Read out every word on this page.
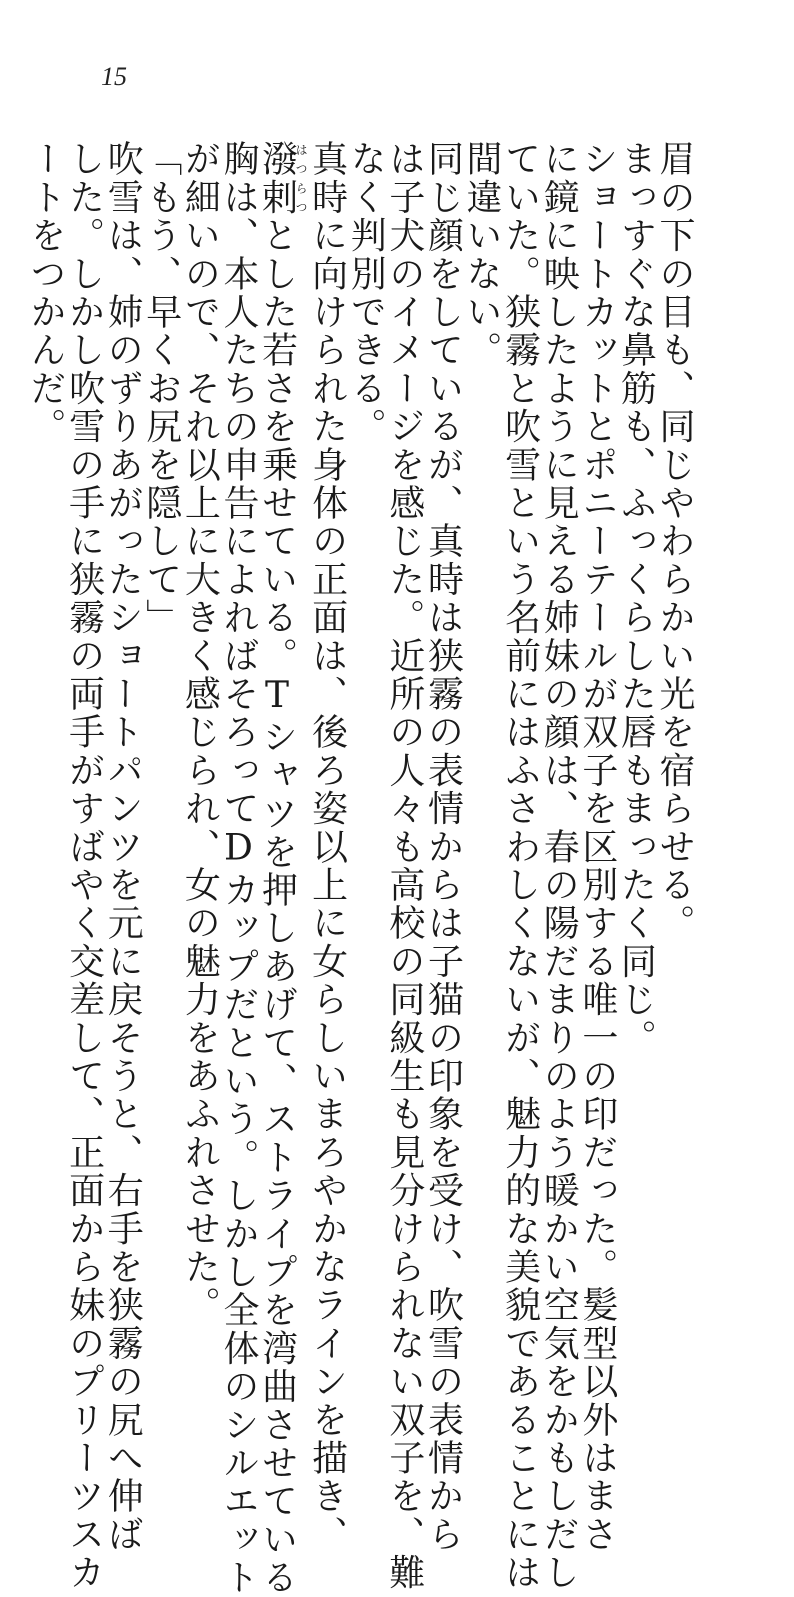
15
眉の下の目も、同じやわらかい光を宿らせる。
まっすぐな鼻筋も、ふっくらした唇もまったく同じ。
ショートカットとポニーテールが双子を区別する唯一の印だった。髪型以外はまさ
に鏡に映したように見える姉妹の顔は、春の陽だまりのよう暖かい空気をかもしだし
ていた。狭霧と吹雪という名前にはふさわしくないが、魅力的な美貌であることには
間違いない。
同じ顔をしているが、真時は狭霧の表情からは子猫の印象を受け、吹雪の表情から
は子犬のイメージを感じた。近所の人々も高校の同級生も見分けられない双子を、難
なく判別できる。
真時に向けられた身体の正面は、後ろ姿以上に女らしいまろやかなラインを描き、
潑剌はつらつとした若さを乗せている。Tシャツを押しあげて、ストライプを湾曲させている
胸は、本人たちの申告によればそろってDカップだという。しかし全体のシルエット
が細いので、それ以上に大きく感じられ、女の魅力をあふれさせた。
「もう、早くお尻を隠して」
吹雪は、姉のずりあがったショートパンツを元に戻そうと、右手を狭霧の尻へ伸ば
した。しかし吹雪の手に狭霧の両手がすばやく交差して、正面から妹のプリーツスカ
ートをつかんだ。
